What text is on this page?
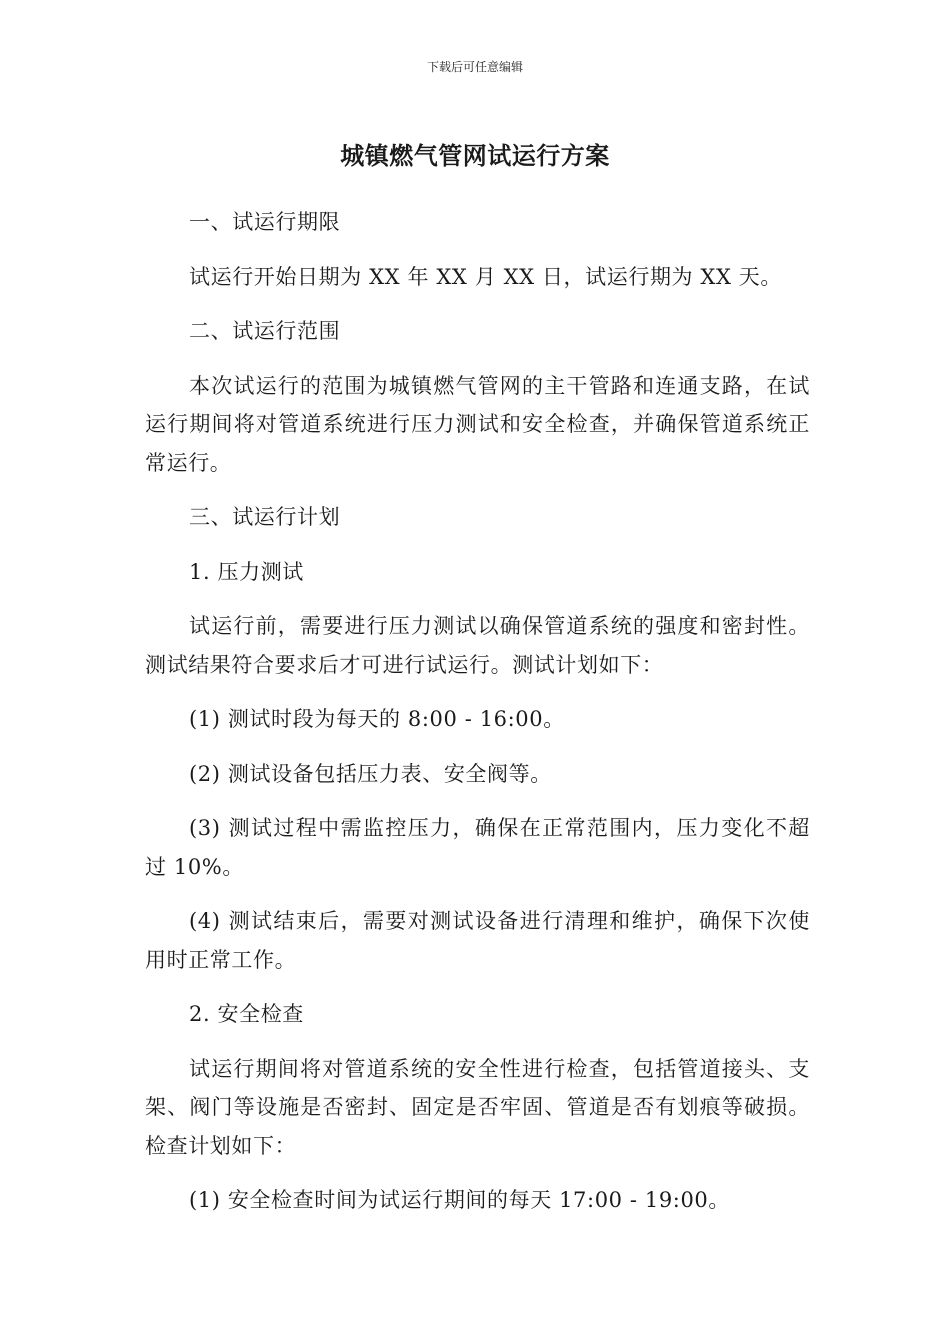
下载后可任意编辑
城镇燃气管网试运行方案

一、试运行期限

试运行开始日期为 XX 年 XX 月 XX 日，试运行期为 XX 天。

二、试运行范围

本次试运行的范围为城镇燃气管网的主干管路和连通支路，在试运行期间将对管道系统进行压力测试和安全检查，并确保管道系统正常运行。

三、试运行计划

1. 压力测试

试运行前，需要进行压力测试以确保管道系统的强度和密封性。测试结果符合要求后才可进行试运行。测试计划如下：

(1) 测试时段为每天的 8:00 - 16:00。

(2) 测试设备包括压力表、安全阀等。

(3) 测试过程中需监控压力，确保在正常范围内，压力变化不超过 10%。

(4) 测试结束后，需要对测试设备进行清理和维护，确保下次使用时正常工作。

2. 安全检查

试运行期间将对管道系统的安全性进行检查，包括管道接头、支架、阀门等设施是否密封、固定是否牢固、管道是否有划痕等破损。检查计划如下：

(1) 安全检查时间为试运行期间的每天 17:00 - 19:00。
